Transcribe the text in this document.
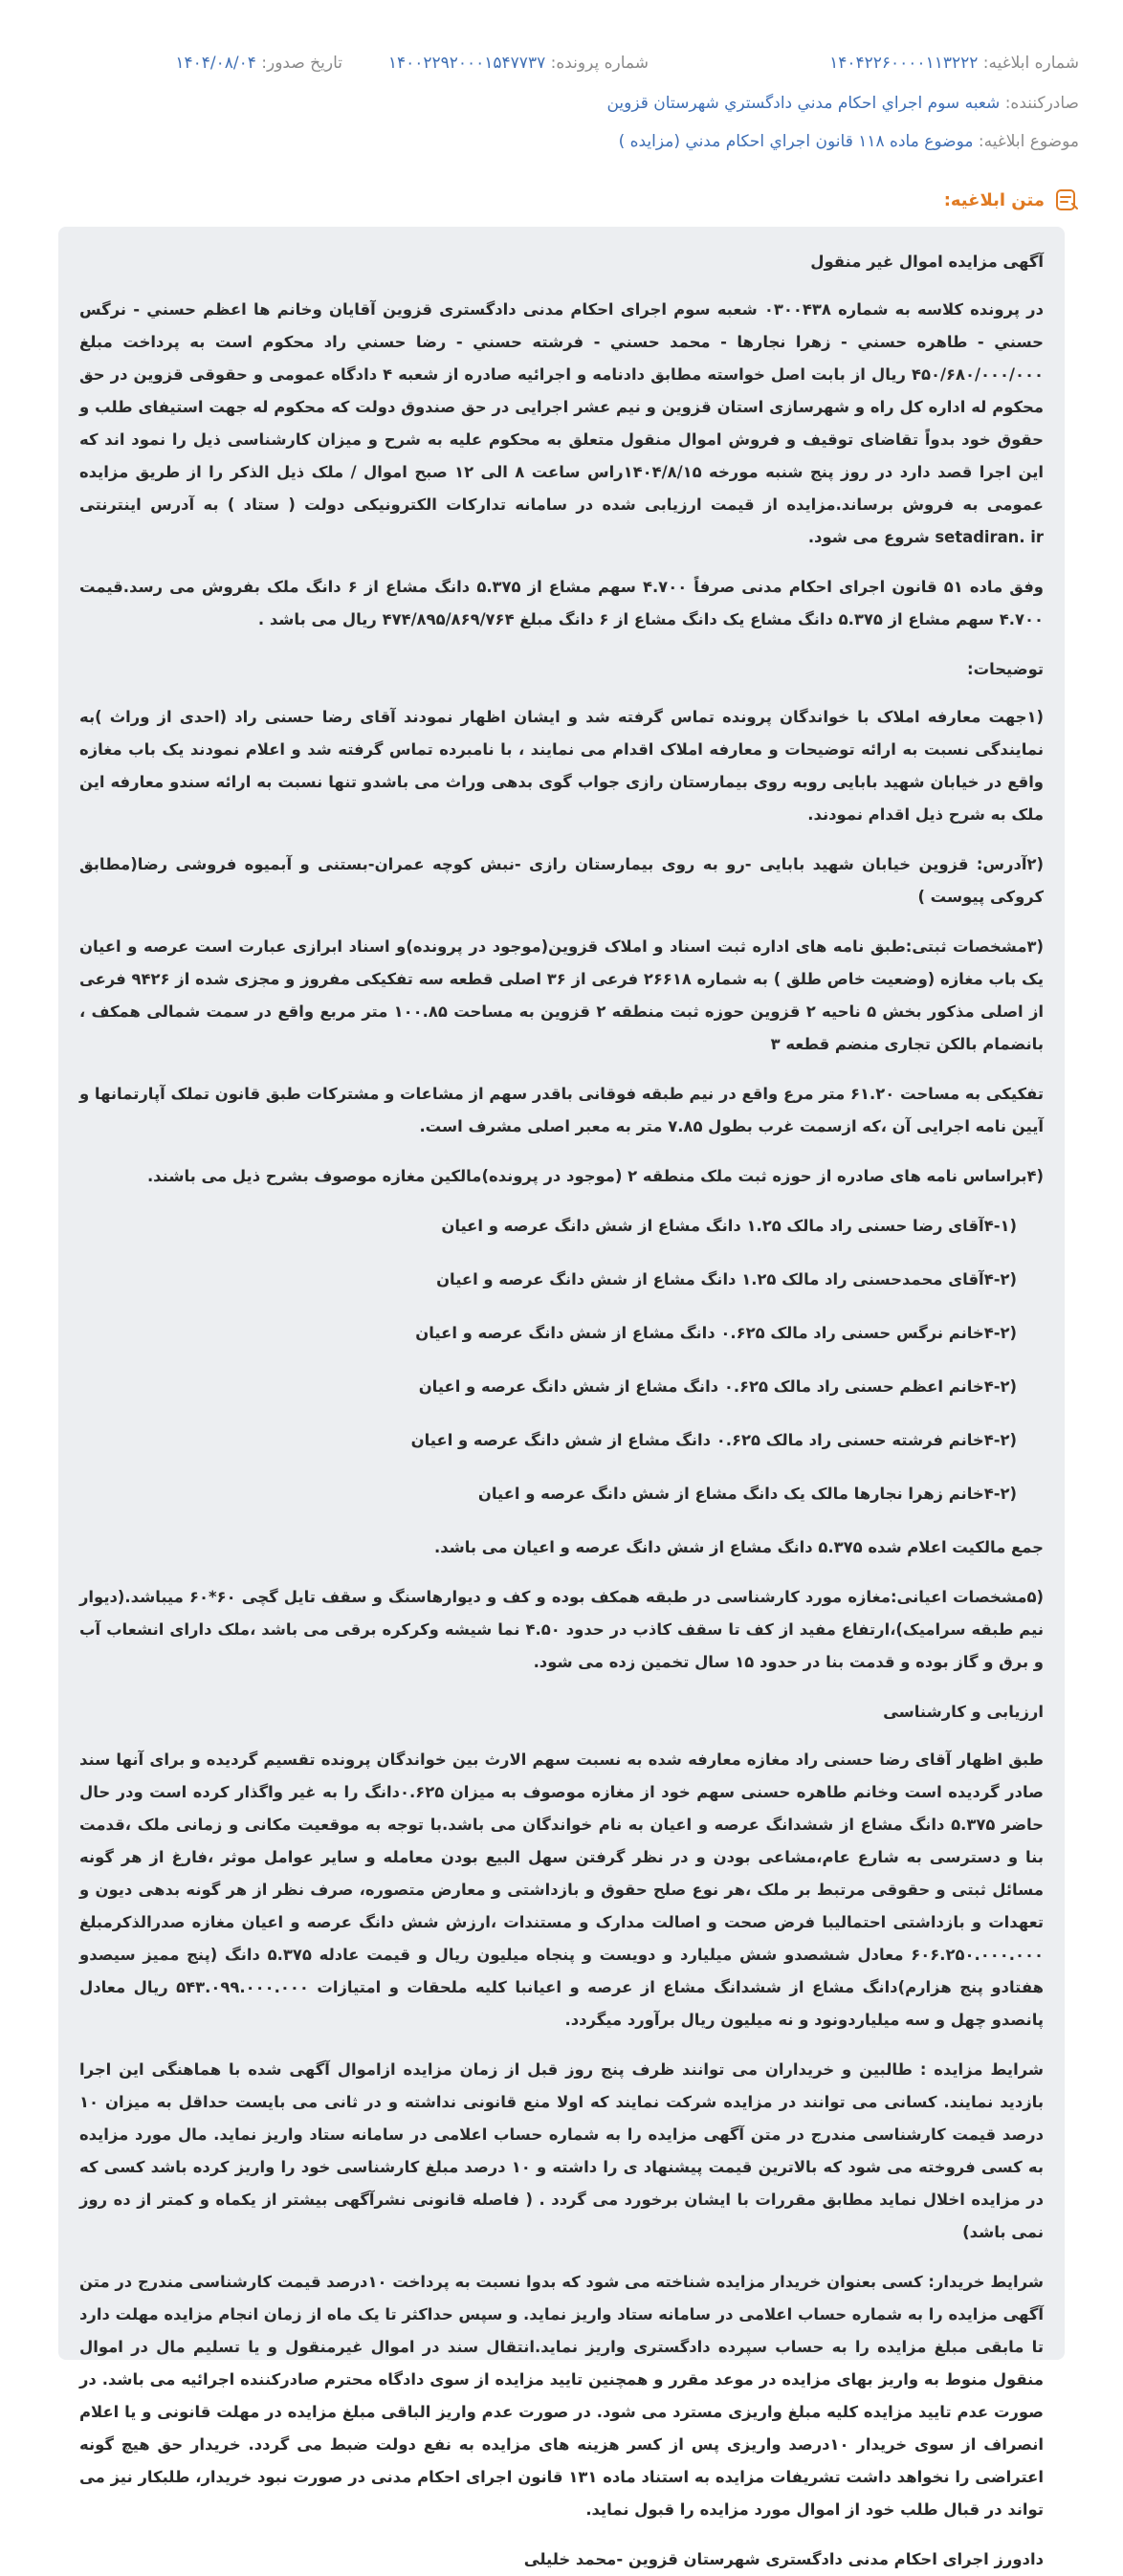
شماره ابلاغیه: ۱۴۰۴۲۲۶۰۰۰۰۱۱۳۲۲۲
شماره پرونده: ۱۴۰۰۲۲۹۲۰۰۰۱۵۴۷۷۳۷
تاریخ صدور: ۱۴۰۴/۰۸/۰۴
صادرکننده: شعبه سوم اجراي احكام مدني دادگستري شهرستان قزوين
موضوع ابلاغیه: موضوع ماده ۱۱۸ قانون اجراي احكام مدني (مزايده )
متن ابلاغیه:

آگهی مزایده اموال غیر منقول

در پرونده کلاسه به شماره ۰۳۰۰۴۳۸ شعبه سوم اجرای احکام مدنی دادگستری قزوین آقایان وخانم ها اعظم حسني - نرگس حسني - طاهره حسني - زهرا نجارها - محمد حسني - فرشته حسني - رضا حسني راد محکوم است به پرداخت مبلغ ۴۵۰/۶۸۰/۰۰۰/۰۰۰ ریال از بابت اصل خواسته مطابق دادنامه و اجرائیه صادره از شعبه ۴ دادگاه عمومی و حقوقی قزوین در حق محکوم له اداره کل راه و شهرسازی استان قزوین و نیم عشر اجرایی در حق صندوق دولت که محکوم له جهت استیفای طلب و حقوق خود بدواً تقاضای توقیف و فروش اموال منقول متعلق به محکوم علیه به شرح و میزان کارشناسی ذیل را نمود اند که این اجرا قصد دارد در روز پنج شنبه مورخه ۱۴۰۴/۸/۱۵راس ساعت ۸ الی ۱۲ صبح اموال / ملک ذیل الذکر را از طریق مزایده عمومی به فروش برساند.مزایده از قیمت ارزیابی شده در سامانه تدارکات الکترونیکی دولت ( ستاد ) به آدرس اینترنتی setadiran. ir شروع می شود.

وفق ماده ۵۱ قانون اجرای احکام مدنی صرفاً ۴.۷۰۰ سهم مشاع از ۵.۳۷۵ دانگ مشاع از ۶ دانگ ملک بفروش می رسد.قیمت ۴.۷۰۰ سهم مشاع از ۵.۳۷۵ دانگ مشاع یک دانگ مشاع از ۶ دانگ مبلغ ۴۷۴/۸۹۵/۸۶۹/۷۶۴ ریال می باشد .

توضیحات:

(۱جهت معارفه املاک با خواندگان پرونده تماس گرفته شد و ایشان اظهار نمودند آقای رضا حسنی راد (احدی از وراث )به نمایندگی نسبت به ارائه توضیحات و معارفه املاک اقدام می نمایند ، با نامبرده تماس گرفته شد و اعلام نمودند یک باب مغازه واقع در خیابان شهید بابایی روبه روی بیمارستان رازی جواب گوی بدهی وراث می باشدو تنها نسبت به ارائه سندو معارفه این ملک به شرح ذیل اقدام نمودند.

(۲آدرس: قزوین خیابان شهید بابایی -رو به روی بیمارستان رازی -نبش کوچه عمران-بستنی و آبمیوه فروشی رضا(مطابق کروکی پیوست )

(۳مشخصات ثبتی:طبق نامه های اداره ثبت اسناد و املاک قزوین(موجود در پرونده)و اسناد ابرازی عبارت است عرصه و اعیان یک باب مغازه (وضعیت خاص طلق ) به شماره ۲۶۶۱۸ فرعی از ۳۶ اصلی قطعه سه تفکیکی مفروز و مجزی شده از ۹۴۲۶ فرعی از اصلی مذکور بخش ۵ ناحیه ۲ قزوین حوزه ثبت منطقه ۲ قزوین به مساحت ۱۰۰.۸۵ متر مربع واقع در سمت شمالی همکف ، بانضمام بالکن تجاری منضم قطعه ۳

تفکیکی به مساحت ۶۱.۲۰ متر مرع واقع در نیم طبقه فوقانی باقدر سهم از مشاعات و مشترکات طبق قانون تملک آپارتمانها و آیین نامه اجرایی آن ،که ازسمت غرب بطول ۷.۸۵ متر به معبر اصلی مشرف است.

(۴براساس نامه های صادره از حوزه ثبت ملک منطقه ۲ (موجود در پرونده)مالکین مغازه موصوف بشرح ذیل می باشند.

(۴-۱آقای رضا حسنی راد مالک ۱.۲۵ دانگ مشاع از شش دانگ عرصه و اعیان
(۴-۲آقای محمدحسنی راد مالک ۱.۲۵ دانگ مشاع از شش دانگ عرصه و اعیان
(۴-۲خانم نرگس حسنی راد مالک ۰.۶۲۵ دانگ مشاع از شش دانگ عرصه و اعیان
(۴-۲خانم اعظم حسنی راد مالک ۰.۶۲۵ دانگ مشاع از شش دانگ عرصه و اعیان
(۴-۲خانم فرشته حسنی راد مالک ۰.۶۲۵ دانگ مشاع از شش دانگ عرصه و اعیان
(۴-۲خانم زهرا نجارها مالک یک دانگ مشاع از شش دانگ عرصه و اعیان

جمع مالکیت اعلام شده ۵.۳۷۵ دانگ مشاع از شش دانگ عرصه و اعیان می باشد.

(۵مشخصات اعیانی:مغازه مورد کارشناسی در طبقه همکف بوده و کف و دیوارهاسنگ و سقف تایل گچی ۶۰*۶۰ میباشد.(دیوار نیم طبقه سرامیک)،ارتفاع مفید از کف تا سقف کاذب در حدود ۴.۵۰ نما شیشه وکرکره برقی می باشد ،ملک دارای انشعاب آب و برق و گاز بوده و قدمت بنا در حدود ۱۵ سال تخمین زده می شود.

ارزیابی و کارشناسی

طبق اظهار آقای رضا حسنی راد مغازه معارفه شده به نسبت سهم الارث بین خواندگان پرونده تقسیم گردیده و برای آنها سند صادر گردیده است وخانم طاهره حسنی سهم خود از مغازه موصوف به میزان ۰.۶۲۵دانگ را به غیر واگذار کرده است ودر حال حاضر ۵.۳۷۵ دانگ مشاع از ششدانگ عرصه و اعیان به نام خواندگان می باشد.با توجه به موقعیت مکانی و زمانی ملک ،قدمت بنا و دسترسی به شارع عام،مشاعی بودن و در نظر گرفتن سهل البیع بودن معامله و سایر عوامل موثر ،فارغ از هر گونه مسائل ثبتی و حقوقی مرتبط بر ملک ،هر نوع صلح حقوق و بازداشتی و معارض متصوره، صرف نظر از هر گونه بدهی دیون و تعهدات و بازداشتی احتمالیبا فرض صحت و اصالت مدارک و مستندات ،ارزش شش دانگ عرصه و اعیان مغازه صدرالذکرمبلغ ۶۰۶.۲۵۰.۰۰۰.۰۰۰ معادل ششصدو شش میلیارد و دویست و پنجاه میلیون ریال و قیمت عادله ۵.۳۷۵ دانگ (پنج ممیز سیصدو هفتادو پنج هزارم)دانگ مشاع از ششدانگ مشاع از عرصه و اعیانبا کلیه ملحقات و امتیازات ۵۴۳.۰۹۹.۰۰۰.۰۰۰ ریال معادل پانصدو چهل و سه میلیاردونود و نه میلیون ریال برآورد میگردد.

شرایط مزایده : طالبین و خریداران می توانند ظرف پنج روز قبل از زمان مزایده ازاموال آگهی شده با هماهنگی این اجرا بازدید نمایند. کسانی می توانند در مزایده شرکت نمایند که اولا منع قانونی نداشته و در ثانی می بایست حداقل به میزان ۱۰ درصد قیمت کارشناسی مندرج در متن آگهی مزایده را به شماره حساب اعلامی در سامانه ستاد واریز نماید. مال مورد مزایده به کسی فروخته می شود که بالاترین قیمت پیشنهاد ی را داشته و ۱۰ درصد مبلغ کارشناسی خود را واریز کرده باشد کسی که در مزایده اخلال نماید مطابق مقررات با ایشان برخورد می گردد . ( فاصله قانونی نشرآگهی بیشتر از یکماه و کمتر از ده روز نمی باشد)

شرایط خریدار: کسی بعنوان خریدار مزایده شناخته می شود که بدوا نسبت به پرداخت ۱۰درصد قیمت کارشناسی مندرج در متن آگهی مزایده را به شماره حساب اعلامی در سامانه ستاد واریز نماید. و سپس حداکثر تا یک ماه از زمان انجام مزایده مهلت دارد تا مابقی مبلغ مزایده را به حساب سپرده دادگستری واریز نماید.انتقال سند در اموال غیرمنقول و یا تسلیم مال در اموال منقول منوط به واریز بهای مزایده در موعد مقرر و همچنین تایید مزایده از سوی دادگاه محترم صادرکننده اجرائیه می باشد. در صورت عدم تایید مزایده کلیه مبلغ واریزی مسترد می شود. در صورت عدم واریز الباقی مبلغ مزایده در مهلت قانونی و یا اعلام انصراف از سوی خریدار ۱۰درصد واریزی پس از کسر هزینه های مزایده به نفع دولت ضبط می گردد. خریدار حق هیچ گونه اعتراضی را نخواهد داشت تشریفات مزایده به استناد ماده ۱۳۱ قانون اجرای احکام مدنی در صورت نبود خریدار، طلبکار نیز می تواند در قبال طلب خود از اموال مورد مزایده را قبول نماید.

دادورز اجرای احکام مدنی دادگستری شهرستان قزوین -محمد خلیلی
